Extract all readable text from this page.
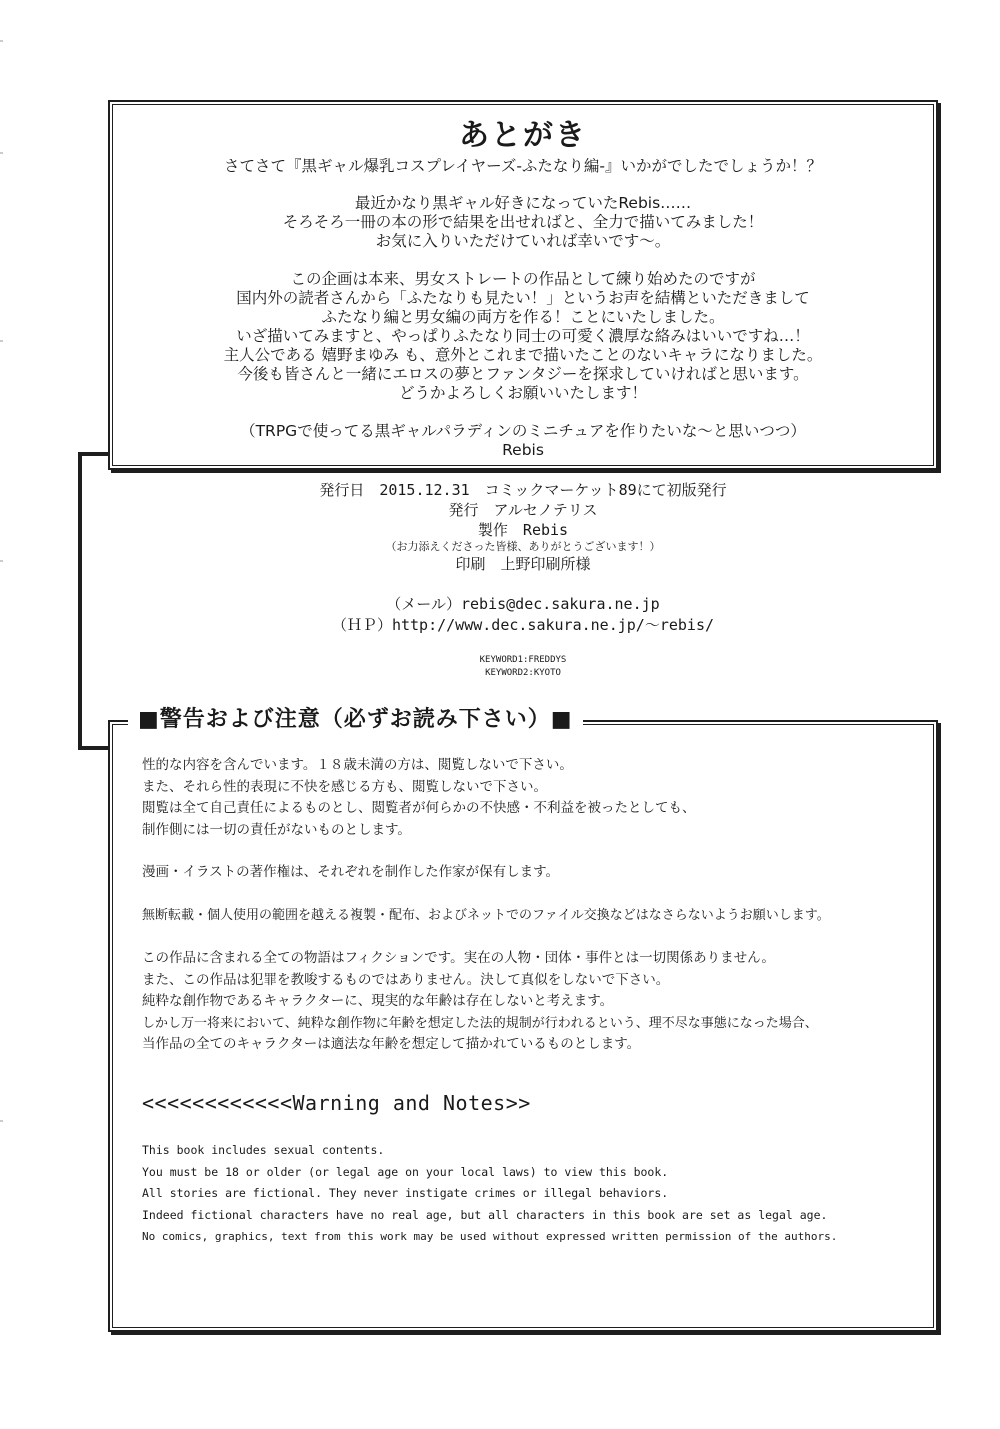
あとがき
さてさて『黒ギャル爆乳コスプレイヤーズ-ふたなり編-』いかがでしたでしょうか！？
最近かなり黒ギャル好きになっていたRebis……
そろそろ一冊の本の形で結果を出せればと、全力で描いてみました！
お気に入りいただけていれば幸いです～。
この企画は本来、男女ストレートの作品として練り始めたのですが
国内外の読者さんから「ふたなりも見たい！」というお声を結構といただきまして
ふたなり編と男女編の両方を作る！ことにいたしました。
いざ描いてみますと、やっぱりふたなり同士の可愛く濃厚な絡みはいいですね…！
主人公である 嬉野まゆみ も、意外とこれまで描いたことのないキャラになりました。
今後も皆さんと一緒にエロスの夢とファンタジーを探求していければと思います。
どうかよろしくお願いいたします！
（TRPGで使ってる黒ギャルパラディンのミニチュアを作りたいな～と思いつつ）
Rebis
発行日　2015.12.31　コミックマーケット89にて初版発行
発行　アルセノテリス
製作　Rebis
（お力添えくださった皆様、ありがとうございます！）
印刷　上野印刷所様
（メール）rebis@dec.sakura.ne.jp
（ＨＰ）http://www.dec.sakura.ne.jp/～rebis/
KEYWORD1:FREDDYS
KEYWORD2:KYOTO
■警告および注意（必ずお読み下さい）■
性的な内容を含んでいます。１８歳未満の方は、閲覧しないで下さい。
また、それら性的表現に不快を感じる方も、閲覧しないで下さい。
閲覧は全て自己責任によるものとし、閲覧者が何らかの不快感・不利益を被ったとしても、
制作側には一切の責任がないものとします。
漫画・イラストの著作権は、それぞれを制作した作家が保有します。
無断転載・個人使用の範囲を越える複製・配布、およびネットでのファイル交換などはなさらないようお願いします。
この作品に含まれる全ての物語はフィクションです。実在の人物・団体・事件とは一切関係ありません。
また、この作品は犯罪を教唆するものではありません。決して真似をしないで下さい。
純粋な創作物であるキャラクターに、現実的な年齢は存在しないと考えます。
しかし万一将来において、純粋な創作物に年齢を想定した法的規制が行われるという、理不尽な事態になった場合、
当作品の全てのキャラクターは適法な年齢を想定して描かれているものとします。
<<<<<<<<<<<<Warning and Notes>>
This book includes sexual contents.
You must be 18 or older (or legal age on your local laws) to view this book.
All stories are fictional. They never instigate crimes or illegal behaviors.
Indeed fictional characters have no real age, but all characters in this book are set as legal age.
No comics, graphics, text from this work may be used without expressed written permission of the authors.
